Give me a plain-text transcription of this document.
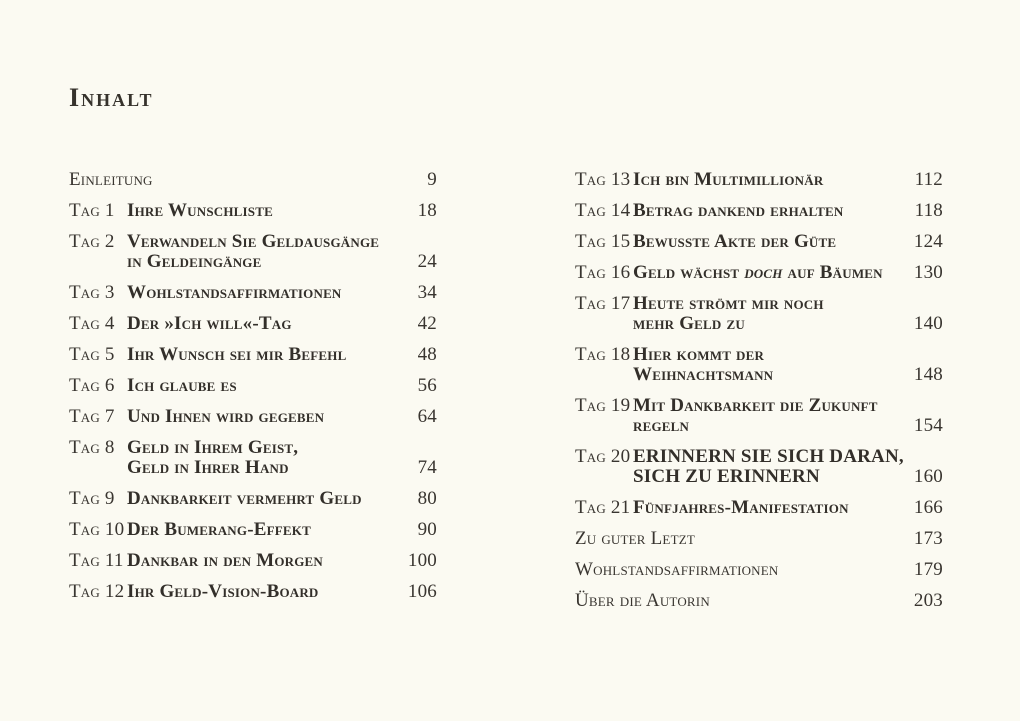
Inhalt
Einleitung	9
Tag 1 Ihre Wunschliste	18
Tag 2 Verwandeln Sie Geldausgänge
in Geldeingänge	24
Tag 3 Wohlstandsaffirmationen	34
Tag 4 Der »Ich will«-Tag	42
Tag 5 Ihr Wunsch sei mir Befehl	48
Tag 6 Ich glaube es	56
Tag 7 Und Ihnen wird gegeben	64
Tag 8 Geld in Ihrem Geist,
Geld in Ihrer Hand	74
Tag 9 Dankbarkeit vermehrt Geld	80
Tag 10 Der Bumerang-Effekt	90
Tag 11 Dankbar in den Morgen	100
Tag 12 Ihr Geld-Vision-Board	106
Tag 13 Ich bin Multimillionär	112
Tag 14 Betrag dankend erhalten	118
Tag 15 Bewusste Akte der Güte	124
Tag 16 Geld wächst doch auf Bäumen	130
Tag 17 Heute strömt mir noch
mehr Geld zu	140
Tag 18 Hier kommt der
Weihnachtsmann	148
Tag 19 Mit Dankbarkeit die Zukunft
regeln	154
Tag 20 ERINNERN SIE SICH DARAN,
SICH ZU ERINNERN	160
Tag 21 Fünfjahres-Manifestation	166
Zu guter Letzt	173
Wohlstandsaffirmationen	179
Über die Autorin	203
